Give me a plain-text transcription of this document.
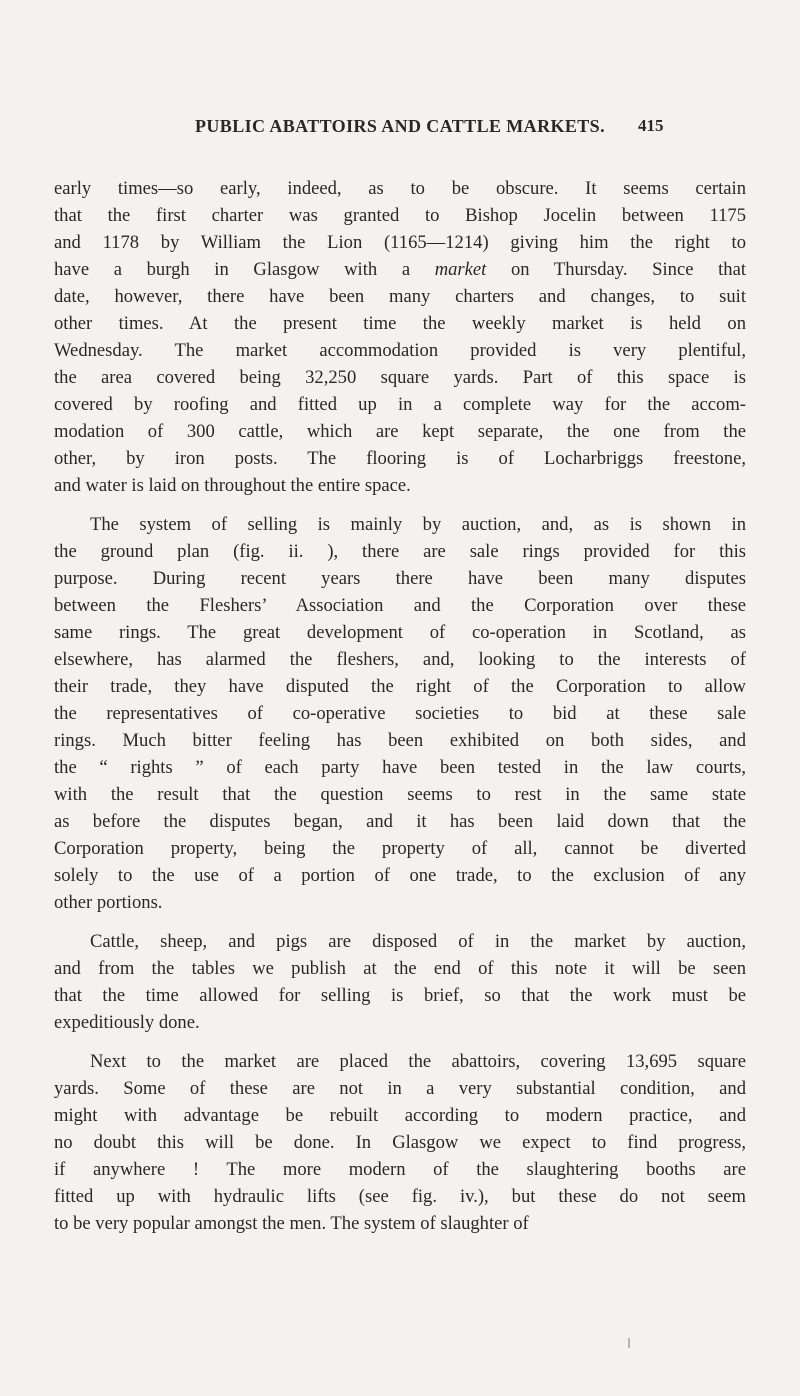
PUBLIC ABATTOIRS AND CATTLE MARKETS.	415
early times—so early, indeed, as to be obscure. It seems certain
that the first charter was granted to Bishop Jocelin between 1175
and 1178 by William the Lion (1165—1214) giving him the right to
have a burgh in Glasgow with a market on Thursday. Since that
date, however, there have been many charters and changes, to suit
other times. At the present time the weekly market is held on
Wednesday. The market accommodation provided is very plentiful,
the area covered being 32,250 square yards. Part of this space is
covered by roofing and fitted up in a complete way for the accom-
modation of 300 cattle, which are kept separate, the one from the
other, by iron posts. The flooring is of Locharbriggs freestone,
and water is laid on throughout the entire space.
The system of selling is mainly by auction, and, as is shown in
the ground plan (fig. ii. ), there are sale rings provided for this
purpose. During recent years there have been many disputes
between the Fleshers’ Association and the Corporation over these
same rings. The great development of co-operation in Scotland, as
elsewhere, has alarmed the fleshers, and, looking to the interests of
their trade, they have disputed the right of the Corporation to allow
the representatives of co-operative societies to bid at these sale
rings. Much bitter feeling has been exhibited on both sides, and
the “ rights ” of each party have been tested in the law courts,
with the result that the question seems to rest in the same state
as before the disputes began, and it has been laid down that the
Corporation property, being the property of all, cannot be diverted
solely to the use of a portion of one trade, to the exclusion of any
other portions.
Cattle, sheep, and pigs are disposed of in the market by auction,
and from the tables we publish at the end of this note it will be seen
that the time allowed for selling is brief, so that the work must be
expeditiously done.
Next to the market are placed the abattoirs, covering 13,695 square
yards. Some of these are not in a very substantial condition, and
might with advantage be rebuilt according to modern practice, and
no doubt this will be done. In Glasgow we expect to find progress,
if anywhere ! The more modern of the slaughtering booths are
fitted up with hydraulic lifts (see fig. iv.), but these do not seem
to be very popular amongst the men. The system of slaughter of
